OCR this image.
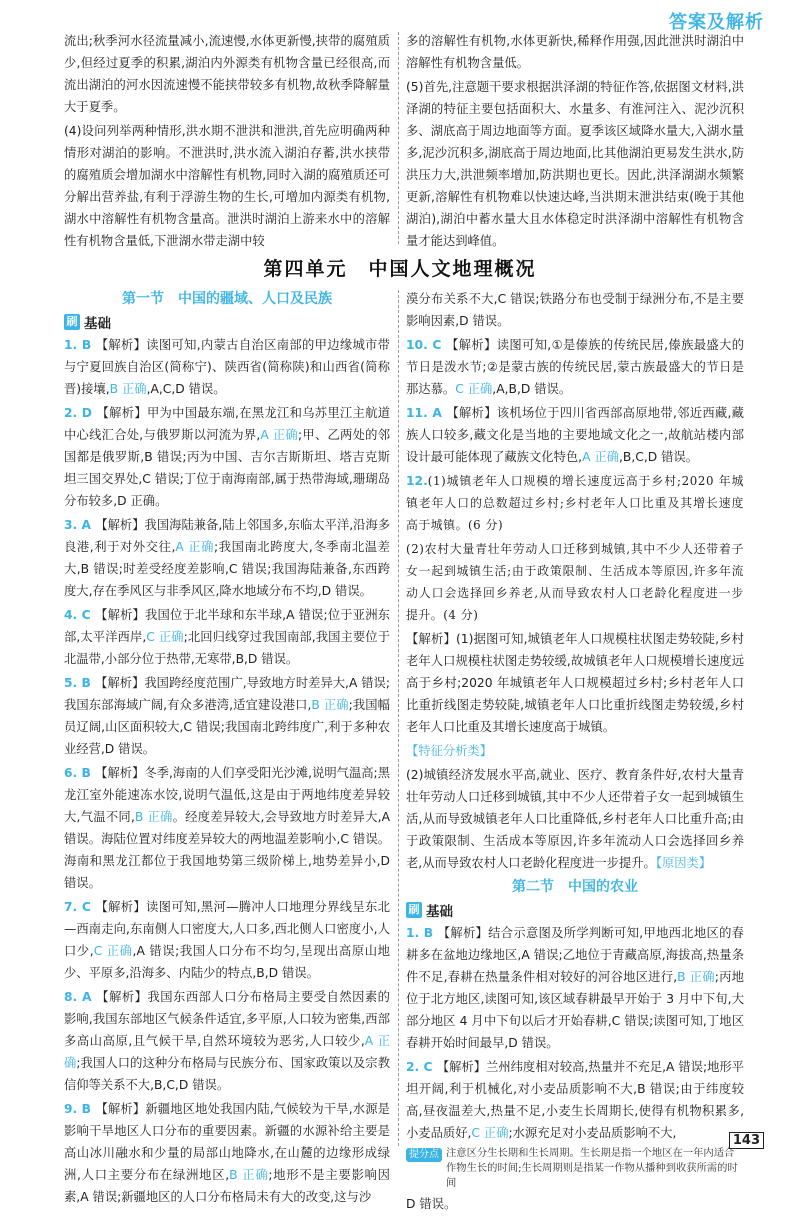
答案及解析

流出;秋季河水径流量减小,流速慢,水体更新慢,挟带的腐殖质少,但经过夏季的积累,湖泊内外源类有机物含量已经很高,而流出湖泊的河水因流速慢不能挟带较多有机物,故秋季降解量大于夏季。

(4)设问列举两种情形,洪水期不泄洪和泄洪,首先应明确两种情形对湖泊的影响。不泄洪时,洪水流入湖泊存蓄,洪水挟带的腐殖质会增加湖水中溶解性有机物,同时入湖的腐殖质还可分解出营养盐,有利于浮游生物的生长,可增加内源类有机物,湖水中溶解性有机物含量高。泄洪时湖泊上游来水中的溶解性有机物含量低,下泄湖水带走湖中较

多的溶解性有机物,水体更新快,稀释作用强,因此泄洪时湖泊中溶解性有机物含量低。

(5)首先,注意题干要求根据洪泽湖的特征作答,依据图文材料,洪泽湖的特征主要包括面积大、水量多、有淮河注入、泥沙沉积多、湖底高于周边地面等方面。夏季该区域降水量大,入湖水量多,泥沙沉积多,湖底高于周边地面,比其他湖泊更易发生洪水,防洪压力大,洪泄频率增加,防洪期也更长。因此,洪泽湖湖水频繁更新,溶解性有机物难以快速达峰,当洪期末泄洪结束(晚于其他湖泊),湖泊中蓄水量大且水体稳定时洪泽湖中溶解性有机物含量才能达到峰值。

第四单元　中国人文地理概况
第一节　中国的疆域、人口及民族
刷 基础

1. B 【解析】读图可知,内蒙古自治区南部的甲边缘城市带与宁夏回族自治区(简称宁)、陕西省(简称陕)和山西省(简称晋)接壤,B 正确,A,C,D 错误。

2. D 【解析】甲为中国最东端,在黑龙江和乌苏里江主航道中心线汇合处,与俄罗斯以河流为界,A 正确;甲、乙两处的邻国都是俄罗斯,B 错误;丙为中国、吉尔吉斯斯坦、塔吉克斯坦三国交界处,C 错误;丁位于南海南部,属于热带海域,珊瑚岛分布较多,D 正确。

3. A 【解析】我国海陆兼备,陆上邻国多,东临太平洋,沿海多良港,利于对外交往,A 正确;我国南北跨度大,冬季南北温差大,B 错误;时差受经度差影响,C 错误;我国海陆兼备,东西跨度大,存在季风区与非季风区,降水地域分布不均,D 错误。

4. C 【解析】我国位于北半球和东半球,A 错误;位于亚洲东部,太平洋西岸,C 正确;北回归线穿过我国南部,我国主要位于北温带,小部分位于热带,无寒带,B,D 错误。

5. B 【解析】我国跨经度范围广,导致地方时差异大,A 错误;我国东部海域广阔,有众多港湾,适宜建设港口,B 正确;我国幅员辽阔,山区面积较大,C 错误;我国南北跨纬度广,利于多种农业经营,D 错误。

6. B 【解析】冬季,海南的人们享受阳光沙滩,说明气温高;黑龙江室外能速冻水饺,说明气温低,这是由于两地纬度差异较大,气温不同,B 正确。经度差异较大,会导致地方时差异大,A 错误。海陆位置对纬度差异较大的两地温差影响小,C 错误。海南和黑龙江都位于我国地势第三级阶梯上,地势差异小,D 错误。

7. C 【解析】读图可知,黑河—腾冲人口地理分界线呈东北—西南走向,东南侧人口密度大,人口多,西北侧人口密度小,人口少,C 正确,A 错误;我国人口分布不均匀,呈现出高原山地少、平原多,沿海多、内陆少的特点,B,D 错误。

8. A 【解析】我国东西部人口分布格局主要受自然因素的影响,我国东部地区气候条件适宜,多平原,人口较为密集,西部多高山高原,且气候干旱,自然环境较为恶劣,人口较少,A 正确;我国人口的这种分布格局与民族分布、国家政策以及宗教信仰等关系不大,B,C,D 错误。

9. B 【解析】新疆地区地处我国内陆,气候较为干旱,水源是影响干旱地区人口分布的重要因素。新疆的水源补给主要是高山冰川融水和少量的局部山地降水,在山麓的边缘形成绿洲,人口主要分布在绿洲地区,B 正确;地形不是主要影响因素,A 错误;新疆地区的人口分布格局未有大的改变,这与沙

漠分布关系不大,C 错误;铁路分布也受制于绿洲分布,不是主要影响因素,D 错误。

10. C 【解析】读图可知,①是傣族的传统民居,傣族最盛大的节日是泼水节;②是蒙古族的传统民居,蒙古族最盛大的节日是那达慕。C 正确,A,B,D 错误。

11. A 【解析】该机场位于四川省西部高原地带,邻近西藏,藏族人口较多,藏文化是当地的主要地域文化之一,故航站楼内部设计最可能体现了藏族文化特色,A 正确,B,C,D 错误。

12.(1)城镇老年人口规模的增长速度远高于乡村;2020 年城镇老年人口的总数超过乡村;乡村老年人口比重及其增长速度高于城镇。(6 分)

(2)农村大量青壮年劳动人口迁移到城镇,其中不少人还带着子女一起到城镇生活;由于政策限制、生活成本等原因,许多年流动人口会选择回乡养老,从而导致农村人口老龄化程度进一步提升。(4 分)

【解析】(1)据图可知,城镇老年人口规模柱状图走势较陡,乡村老年人口规模柱状图走势较缓,故城镇老年人口规模增长速度远高于乡村;2020 年城镇老年人口规模超过乡村;乡村老年人口比重折线图走势较陡,城镇老年人口比重折线图走势较缓,乡村老年人口比重及其增长速度高于城镇。

【特征分析类】

(2)城镇经济发展水平高,就业、医疗、教育条件好,农村大量青壮年劳动人口迁移到城镇,其中不少人还带着子女一起到城镇生活,从而导致城镇老年人口比重降低,乡村老年人口比重升高;由于政策限制、生活成本等原因,许多年流动人口会选择回乡养老,从而导致农村人口老龄化程度进一步提升。【原因类】

第二节　中国的农业
刷 基础

1. B 【解析】结合示意图及所学判断可知,甲地西北地区的春耕多在盆地边缘地区,A 错误;乙地位于青藏高原,海拔高,热量条件不足,春耕在热量条件相对较好的河谷地区进行,B 正确;丙地位于北方地区,读图可知,该区域春耕最早开始于 3 月中下旬,大部分地区 4 月中下旬以后才开始春耕,C 错误;读图可知,丁地区春耕开始时间最早,D 错误。

2. C 【解析】兰州纬度相对较高,热量并不充足,A 错误;地形平坦开阔,利于机械化,对小麦品质影响不大,B 错误;由于纬度较高,昼夜温差大,热量不足,小麦生长周期长,使得有机物积累多,小麦品质好,C 正确;水源充足对小麦品质影响不大,

提分点 注意区分生长期和生长周期。生长期是指一个地区在一年内适合作物生长的时间;生长周期则是指某一作物从播种到收获所需的时间

D 错误。

143
